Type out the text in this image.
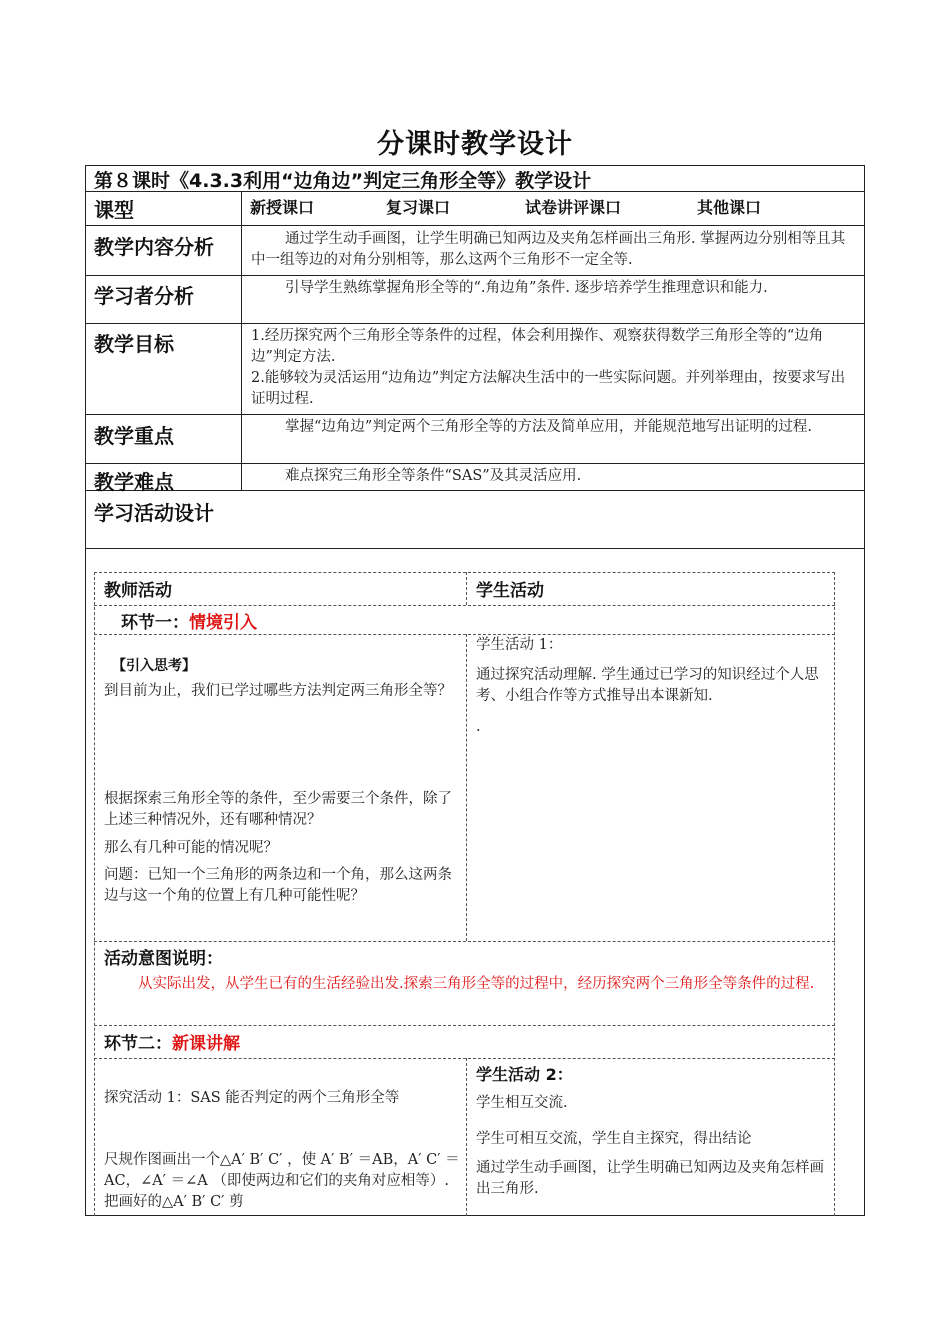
分课时教学设计
第８课时《4.3.3利用“边角边”判定三角形全等》教学设计
课型	新授课口	复习课口	试卷讲评课口	其他课口
教学内容分析	通过学生动手画图，让学生明确已知两边及夹角怎样画出三角形. 掌握两边分别相等且其中一组等边的对角分别相等，那么这两个三角形不一定全等.
学习者分析	引导学生熟练掌握角形全等的“.角边角”条件. 逐步培养学生推理意识和能力.
教学目标	1.经历探究两个三角形全等条件的过程，体会利用操作、观察获得数学三角形全等的“边角边”判定方法.
2.能够较为灵活运用“边角边”判定方法解决生活中的一些实际问题。并列举理由，按要求写出证明过程.
教学重点	掌握“边角边”判定两个三角形全等的方法及简单应用，并能规范地写出证明的过程.
教学难点	难点探究三角形全等条件“SAS”及其灵活应用.
学习活动设计
教师活动	学生活动
环节一：情境引入
【引入思考】
到目前为止，我们已学过哪些方法判定两三角形全等？
根据探索三角形全等的条件，至少需要三个条件，除了上述三种情况外，还有哪种情况？
那么有几种可能的情况呢？
问题：已知一个三角形的两条边和一个角，那么这两条边与这一个角的位置上有几种可能性呢？
学生活动 1：
通过探究活动理解. 学生通过已学习的知识经过个人思考、小组合作等方式推导出本课新知.
.
活动意图说明：
从实际出发，从学生已有的生活经验出发.探索三角形全等的过程中，经历探究两个三角形全等条件的过程.
环节二：新课讲解
探究活动 1：SAS 能否判定的两个三角形全等
尺规作图画出一个△A′ B′ C′ ，使 A′ B′ ＝AB，A′ C′ ＝AC，∠A′ ＝∠A （即使两边和它们的夹角对应相等）. 把画好的△A′ B′ C′ 剪
学生活动 2：
学生相互交流.
学生可相互交流，学生自主探究，得出结论
通过学生动手画图，让学生明确已知两边及夹角怎样画出三角形.
